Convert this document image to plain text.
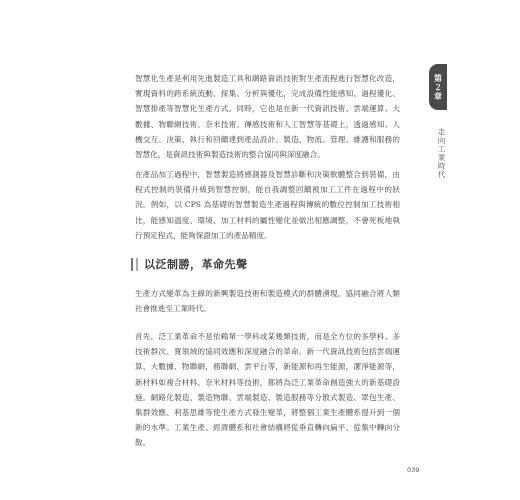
第２章
走向工業時代

智慧化生產是利用先進製造工具和網路資訊技術對生產流程進行智慧化改造，實現資料的跨系統流動、採集、分析與優化，完成設備性能感知、過程優化、智慧排產等智慧化生產方式。同時，它也是在新一代資訊技術、雲端運算、大數據、物聯網技術、奈米技術、傳感技術和人工智慧等基礎上，透過感知、人機交互、決策、執行和回饋達到產品設計、製造、物流、管理、維護和服務的智慧化，是資訊技術與製造技術的整合協同與深度融合。

在產品加工過程中，智慧製造將感測器及智慧診斷和決策軟體整合到裝備，由程式控制的裝備升級到智慧控制，能自我調整回饋被加工工件在過程中的狀況。例如，以 CPS 為基礎的智慧製造生產過程與傳統的數位控制加工技術相比，能感知溫度、環境、加工材料的屬性變化並做出相應調整，不會死板地執行預定程式，能夠保證加工的產品精度。

以泛制勝，革命先聲

生產方式變革為主線的新興製造技術和製造模式的群體湧現，協同融合將人類社會推進至工業時代。

首先，泛工業革命不是依賴單一學科或某幾類技術，而是全方位的多學科、多技術群次、寬領域的協同效應和深度融合的革命。新一代資訊技術包括雲端運算、大數據、物聯網，務聯網、雲平台等，新能源和再生能源，潔淨能源等，新材料如複合材料、奈米材料等技術，都將為泛工業革命創造強大的新基礎設施。網路化製造、製造物聯、雲端製造、製造服務等分散式製造、眾包生產、集群效應、利基思維等使生產方式發生變革，將整個工業生產體系提升到一個新的水準。工業生產、經濟體系和社會結構將從垂直轉向扁平、從集中轉向分散。

039
